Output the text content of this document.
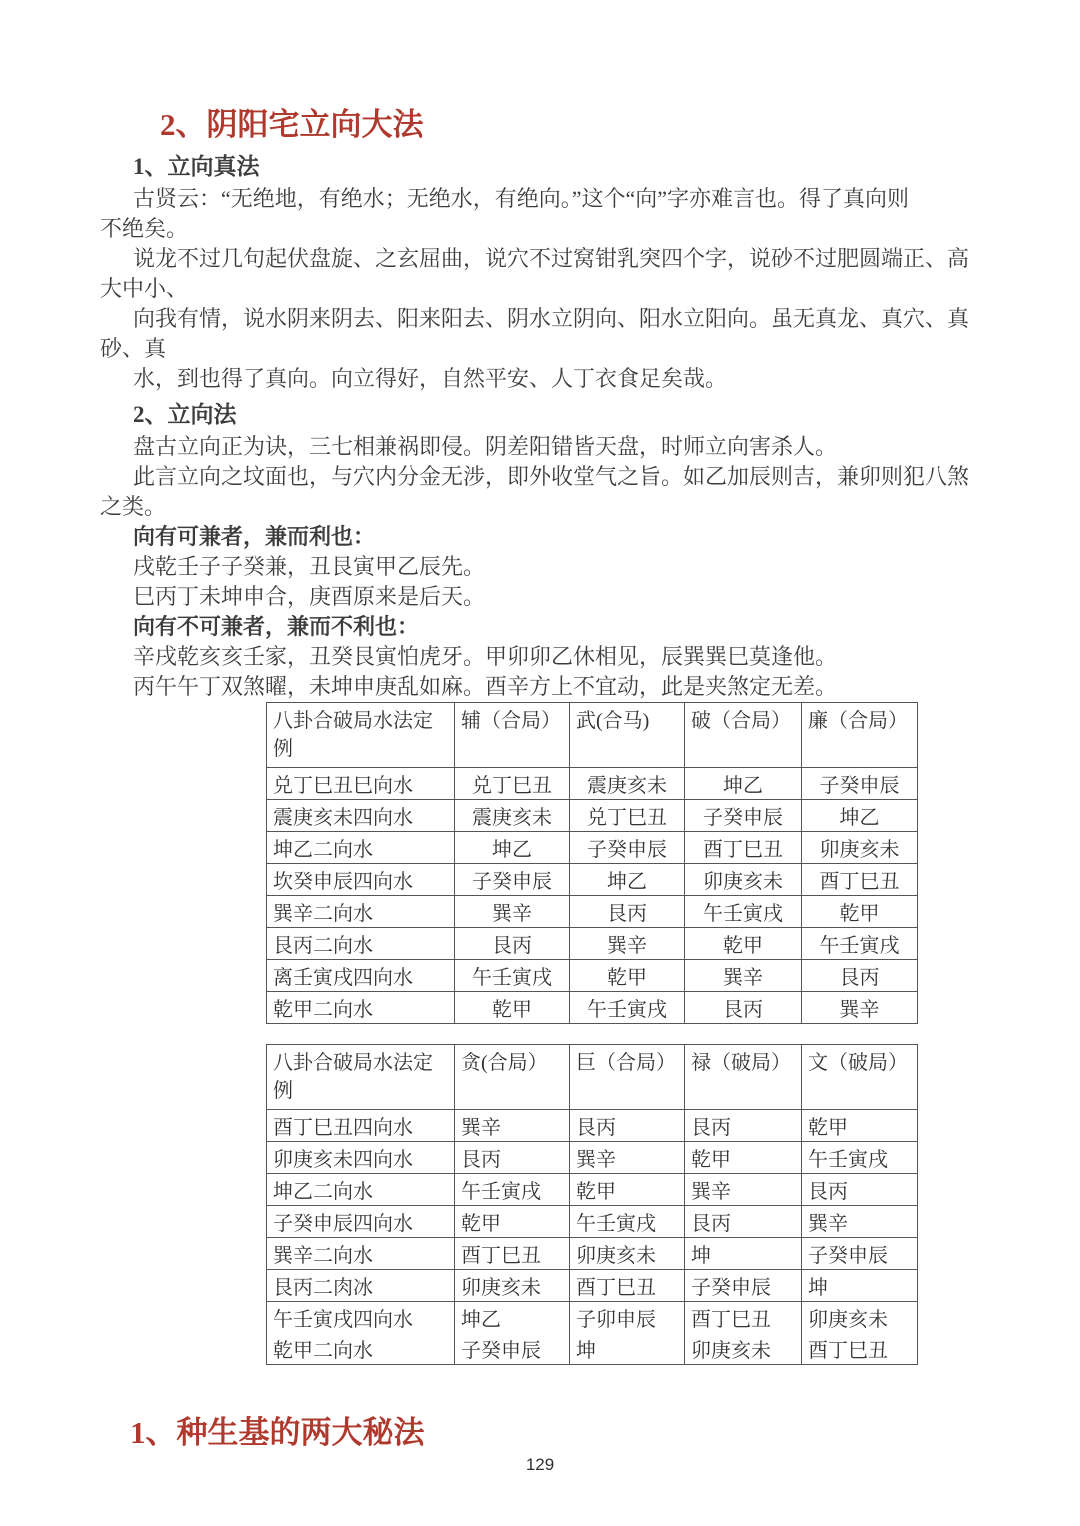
2、阴阳宅立向大法
1、立向真法
古贤云：“无绝地，有绝水；无绝水，有绝向。”这个“向”字亦难言也。得了真向则
不绝矣。
说龙不过几句起伏盘旋、之玄屈曲，说穴不过窝钳乳突四个字，说砂不过肥圆端正、高
大中小、
向我有情，说水阴来阴去、阳来阳去、阴水立阴向、阳水立阳向。虽无真龙、真穴、真
砂、真
水，到也得了真向。向立得好，自然平安、人丁衣食足矣哉。
2、立向法
盘古立向正为诀，三七相兼祸即侵。阴差阳错皆天盘，时师立向害杀人。
此言立向之坟面也，与穴内分金无涉，即外收堂气之旨。如乙加辰则吉，兼卯则犯八煞
之类。
向有可兼者，兼而利也：
戌乾壬子子癸兼，丑艮寅甲乙辰先。
巳丙丁未坤申合，庚酉原来是后天。
向有不可兼者，兼而不利也：
辛戌乾亥亥壬家，丑癸艮寅怕虎牙。甲卯卯乙休相见，辰巽巽巳莫逢他。
丙午午丁双煞曜，未坤申庚乱如麻。酉辛方上不宜动，此是夹煞定无差。
八卦合破局水法定例	辅（合局）	武(合马)	破（合局）	廉（合局）
兑丁巳丑巳向水	兑丁巳丑	震庚亥未	坤乙	子癸申辰
震庚亥未四向水	震庚亥未	兑丁巳丑	子癸申辰	坤乙
坤乙二向水	坤乙	子癸申辰	酉丁巳丑	卯庚亥未
坎癸申辰四向水	子癸申辰	坤乙	卯庚亥未	酉丁巳丑
巽辛二向水	巽辛	艮丙	午壬寅戌	乾甲
艮丙二向水	艮丙	巽辛	乾甲	午壬寅戌
离壬寅戌四向水	午壬寅戌	乾甲	巽辛	艮丙
乾甲二向水	乾甲	午壬寅戌	艮丙	巽辛
八卦合破局水法定例	贪(合局）	巨（合局）	禄（破局）	文（破局）
酉丁巳丑四向水	巽辛	艮丙	艮丙	乾甲
卯庚亥未四向水	艮丙	巽辛	乾甲	午壬寅戌
坤乙二向水	午壬寅戌	乾甲	巽辛	艮丙
子癸申辰四向水	乾甲	午壬寅戌	艮丙	巽辛
巽辛二向水	酉丁巳丑	卯庚亥未	坤	子癸申辰
艮丙二肉冰	卯庚亥未	酉丁巳丑	子癸申辰	坤
午壬寅戌四向水	坤乙	子卯申辰	酉丁巳丑	卯庚亥未
乾甲二向水	子癸申辰	坤	卯庚亥未	酉丁巳丑
1、种生基的两大秘法
129
